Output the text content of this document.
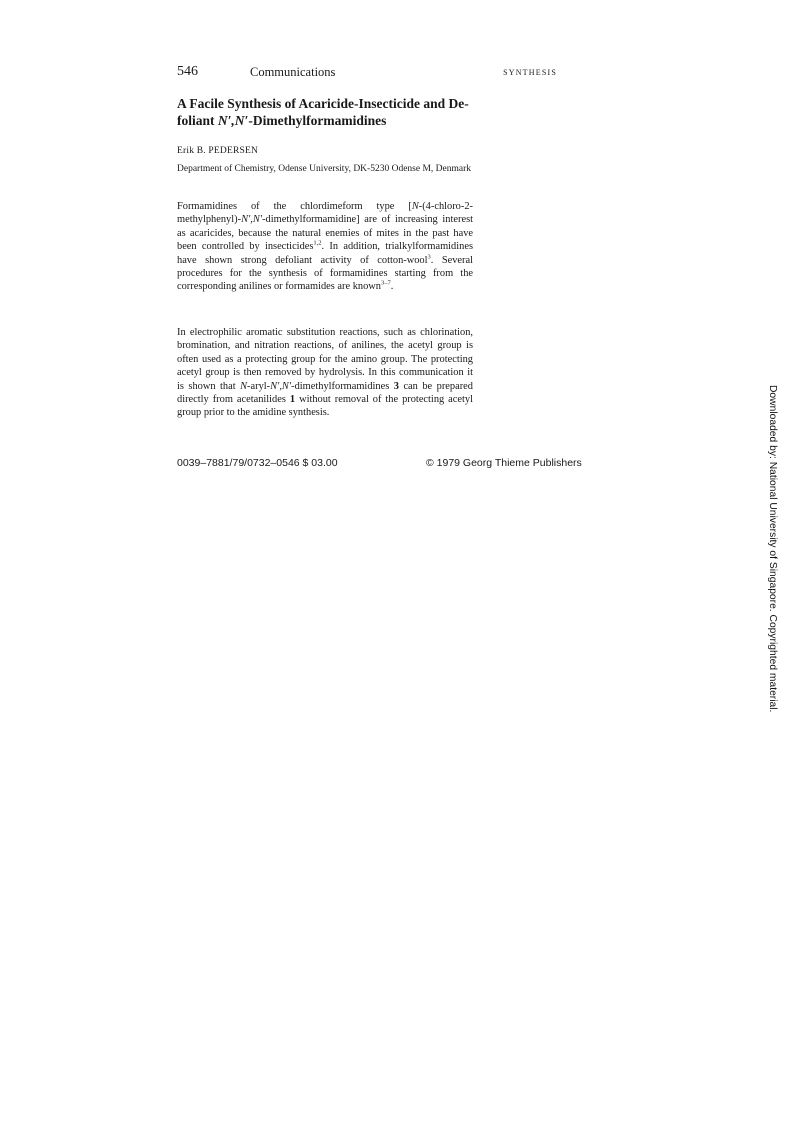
546	Communications	SYNTHESIS
A Facile Synthesis of Acaricide-Insecticide and De-foliant N′,N′-Dimethylformamidines
Erik B. PEDERSEN
Department of Chemistry, Odense University, DK-5230 Odense M, Denmark

Formamidines of the chlordimeform type [N-(4-chloro-2-methylphenyl)-N′,N′-dimethylformamidine] are of increasing interest as acaricides, because the natural enemies of mites in the past have been controlled by insecticides$^{1,2}$. In addition, trialkylformamidines have shown strong defoliant activity of cotton-wool$^3$. Several procedures for the synthesis of formamidines starting from the corresponding anilines or formamides are known$^{3-7}$.

In electrophilic aromatic substitution reactions, such as chlorination, bromination, and nitration reactions, of anilines, the acetyl group is often used as a protecting group for the amino group. The protecting acetyl group is then removed by hydrolysis. In this communication it is shown that N-aryl-N′,N′-dimethylformamidines 3 can be prepared directly from acetanilides 1 without removal of the protecting acetyl group prior to the amidine synthesis.

0039–7881/79/0732–0546 $ 03.00	© 1979 Georg Thieme Publishers	Downloaded by: National University of Singapore. Copyrighted material.
